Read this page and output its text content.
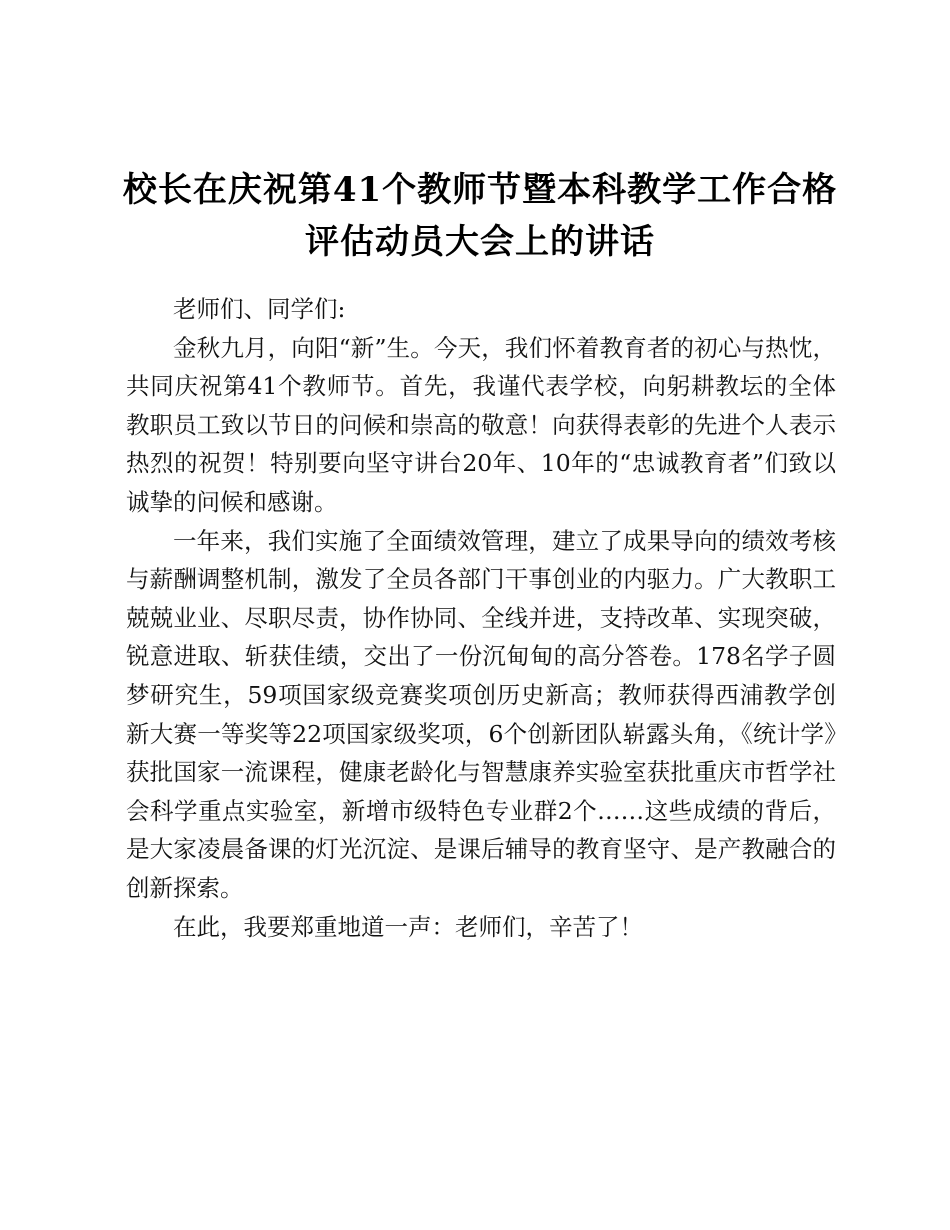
校长在庆祝第41个教师节暨本科教学工作合格评估动员大会上的讲话

老师们、同学们:

金秋九月，向阳“新”生。今天，我们怀着教育者的初心与热忱，共同庆祝第41个教师节。首先，我谨代表学校，向躬耕教坛的全体教职员工致以节日的问候和崇高的敬意！向获得表彰的先进个人表示热烈的祝贺！特别要向坚守讲台20年、10年的“忠诚教育者”们致以诚挚的问候和感谢。

一年来，我们实施了全面绩效管理，建立了成果导向的绩效考核与薪酬调整机制，激发了全员各部门干事创业的内驱力。广大教职工兢兢业业、尽职尽责，协作协同、全线并进，支持改革、实现突破，锐意进取、斩获佳绩，交出了一份沉甸甸的高分答卷。178名学子圆梦研究生，59项国家级竞赛奖项创历史新高；教师获得西浦教学创新大赛一等奖等22项国家级奖项，6个创新团队崭露头角，《统计学》获批国家一流课程，健康老龄化与智慧康养实验室获批重庆市哲学社会科学重点实验室，新增市级特色专业群2个……这些成绩的背后，是大家凌晨备课的灯光沉淀、是课后辅导的教育坚守、是产教融合的创新探索。

在此，我要郑重地道一声：老师们，辛苦了！
